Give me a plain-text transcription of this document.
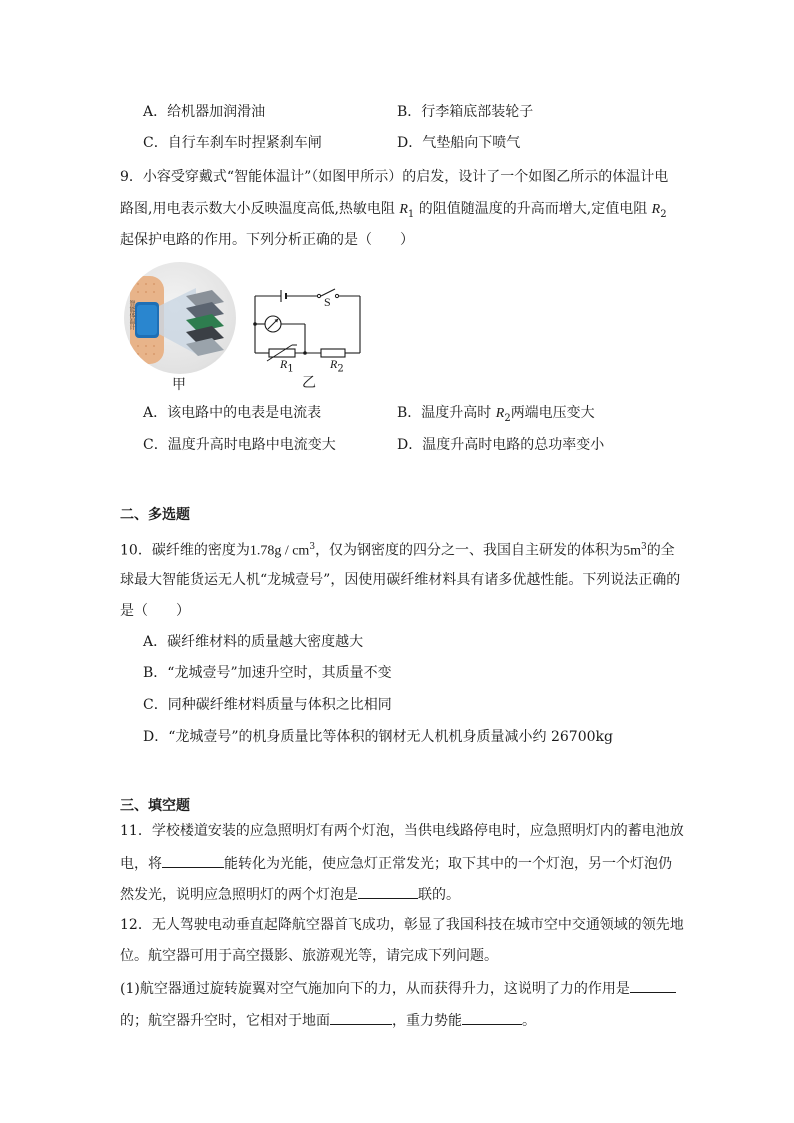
A．给机器加润滑油	B．行李箱底部装轮子
C．自行车刹车时捏紧刹车闸	D．气垫船向下喷气
9．小容受穿戴式“智能体温计”（如图甲所示）的启发，设计了一个如图乙所示的体温计电
路图,用电表示数大小反映温度高低,热敏电阻 $R_1$ 的阻值随温度的升高而增大,定值电阻 $R_2$
起保护电路的作用。下列分析正确的是（　　）
智能体温计
甲
S
$R_1$	$R_2$
乙
A．该电路中的电表是电流表	B．温度升高时 $R_2$两端电压变大
C．温度升高时电路中电流变大	D．温度升高时电路的总功率变小
二、多选题
10．碳纤维的密度为$1.78g / cm^3$，仅为钢密度的四分之一、我国自主研发的体积为$5m^3$的全
球最大智能货运无人机“龙城壹号”，因使用碳纤维材料具有诸多优越性能。下列说法正确的
是（　　）
A．碳纤维材料的质量越大密度越大
B．“龙城壹号”加速升空时，其质量不变
C．同种碳纤维材料质量与体积之比相同
D．“龙城壹号”的机身质量比等体积的钢材无人机机身质量减小约 26700kg
三、填空题
11．学校楼道安装的应急照明灯有两个灯泡，当供电线路停电时，应急照明灯内的蓄电池放
电，将	能转化为光能，使应急灯正常发光；取下其中的一个灯泡，另一个灯泡仍
然发光，说明应急照明灯的两个灯泡是	联的。
12．无人驾驶电动垂直起降航空器首飞成功，彰显了我国科技在城市空中交通领域的领先地
位。航空器可用于高空摄影、旅游观光等，请完成下列问题。
(1)航空器通过旋转旋翼对空气施加向下的力，从而获得升力，这说明了力的作用是
的；航空器升空时，它相对于地面	，重力势能	。
